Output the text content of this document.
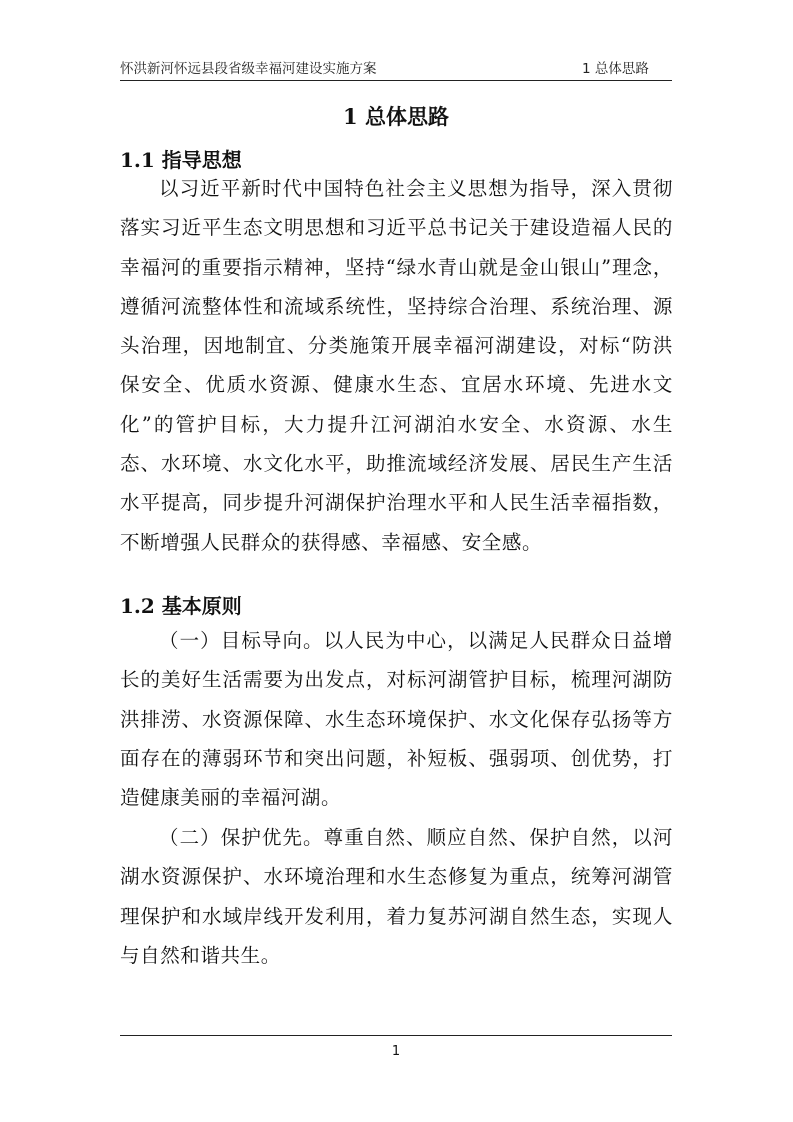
怀洪新河怀远县段省级幸福河建设实施方案	1 总体思路
1 总体思路
1.1 指导思想

以习近平新时代中国特色社会主义思想为指导，深入贯彻落实习近平生态文明思想和习近平总书记关于建设造福人民的幸福河的重要指示精神，坚持“绿水青山就是金山银山”理念，遵循河流整体性和流域系统性，坚持综合治理、系统治理、源头治理，因地制宜、分类施策开展幸福河湖建设，对标“防洪保安全、优质水资源、健康水生态、宜居水环境、先进水文化”的管护目标，大力提升江河湖泊水安全、水资源、水生态、水环境、水文化水平，助推流域经济发展、居民生产生活水平提高，同步提升河湖保护治理水平和人民生活幸福指数，不断增强人民群众的获得感、幸福感、安全感。

1.2 基本原则

（一）目标导向。以人民为中心，以满足人民群众日益增长的美好生活需要为出发点，对标河湖管护目标，梳理河湖防洪排涝、水资源保障、水生态环境保护、水文化保存弘扬等方面存在的薄弱环节和突出问题，补短板、强弱项、创优势，打造健康美丽的幸福河湖。

（二）保护优先。尊重自然、顺应自然、保护自然，以河湖水资源保护、水环境治理和水生态修复为重点，统筹河湖管理保护和水域岸线开发利用，着力复苏河湖自然生态，实现人与自然和谐共生。

1
